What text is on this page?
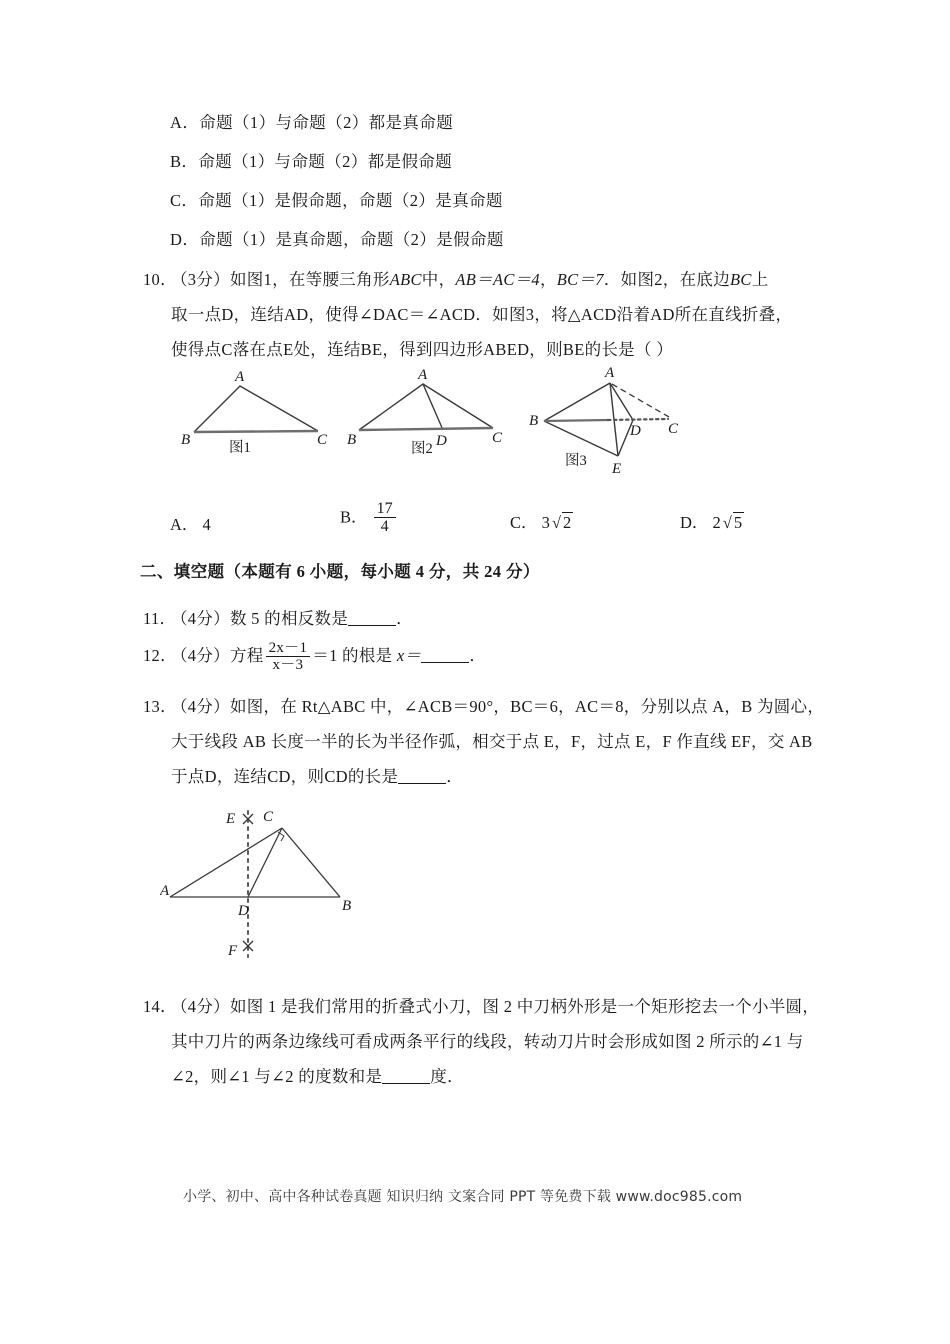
A．命题（1）与命题（2）都是真命题
B．命题（1）与命题（2）都是假命题
C．命题（1）是假命题，命题（2）是真命题
D．命题（1）是真命题，命题（2）是假命题
10．（3分）如图1，在等腰三角形ABC中，AB＝AC＝4，BC＝7．如图2，在底边BC上
取一点D，连结AD，使得∠DAC＝∠ACD．如图3，将△ACD沿着AD所在直线折叠，
使得点C落在点E处，连结BE，得到四边形ABED，则BE的长是（ ）
A
B	C
图1
A
B	D	C
图2
A
B
D C
E
图3
A． 4	B． $\frac{17}{4}$	C． 3 √ 2	D． 2 √ 5
二、填空题（本题有 6 小题，每小题 4 分，共 24 分）
11．（4分）数 5 的相反数是	．
12．（4分）方程 $\frac{2x-1}{x-3} =1$ 的根是 x＝	．
13．（4分）如图，在 Rt△ABC 中，∠ACB＝90°，BC＝6，AC＝8，分别以点 A，B 为圆心，
大于线段 AB 长度一半的长为半径作弧，相交于点 E，F，过点 E，F 作直线 EF，交 AB
于点D，连结CD，则CD的长是	．
E C
A
D	B
F
14．（4分）如图 1 是我们常用的折叠式小刀，图 2 中刀柄外形是一个矩形挖去一个小半圆，
其中刀片的两条边缘线可看成两条平行的线段，转动刀片时会形成如图 2 所示的∠1 与
∠2，则∠1 与∠2 的度数和是	度．
小学、初中、高中各种试卷真题 知识归纳 文案合同 PPT 等免费下载 www.doc985.com
